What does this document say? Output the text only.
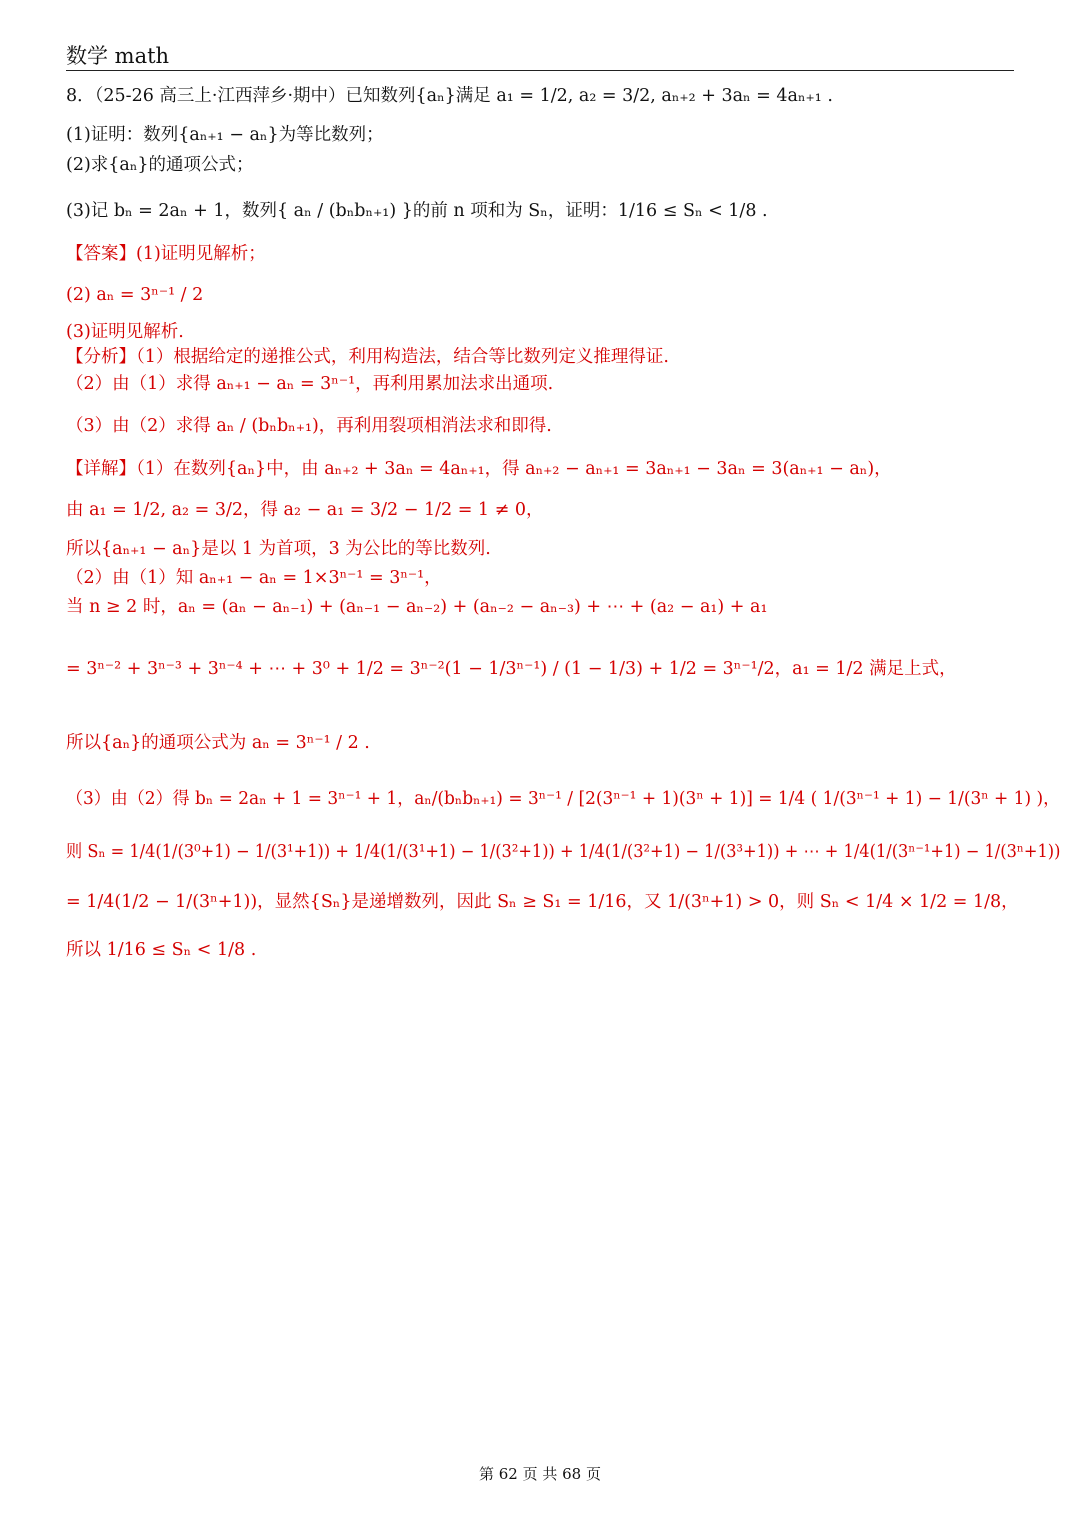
数学 math
8．（25-26 高三上·江西萍乡·期中）已知数列{aₙ}满足 a₁ = 1/2, a₂ = 3/2, aₙ₊₂ + 3aₙ = 4aₙ₊₁ .
(1)证明：数列{aₙ₊₁ − aₙ}为等比数列；
(2)求{aₙ}的通项公式；
(3)记 bₙ = 2aₙ + 1，数列{ aₙ / (bₙbₙ₊₁) }的前 n 项和为 Sₙ，证明：1/16 ≤ Sₙ < 1/8 .
【答案】(1)证明见解析；
(2) aₙ = 3ⁿ⁻¹ / 2
(3)证明见解析.
【分析】（1）根据给定的递推公式，利用构造法，结合等比数列定义推理得证.
（2）由（1）求得 aₙ₊₁ − aₙ = 3ⁿ⁻¹，再利用累加法求出通项.
（3）由（2）求得 aₙ / (bₙbₙ₊₁)，再利用裂项相消法求和即得.
【详解】（1）在数列{aₙ}中，由 aₙ₊₂ + 3aₙ = 4aₙ₊₁，得 aₙ₊₂ − aₙ₊₁ = 3aₙ₊₁ − 3aₙ = 3(aₙ₊₁ − aₙ)，
由 a₁ = 1/2, a₂ = 3/2，得 a₂ − a₁ = 3/2 − 1/2 = 1 ≠ 0，
所以{aₙ₊₁ − aₙ}是以 1 为首项，3 为公比的等比数列.
（2）由（1）知 aₙ₊₁ − aₙ = 1×3ⁿ⁻¹ = 3ⁿ⁻¹，
当 n ≥ 2 时，aₙ = (aₙ − aₙ₋₁) + (aₙ₋₁ − aₙ₋₂) + (aₙ₋₂ − aₙ₋₃) + ⋯ + (a₂ − a₁) + a₁
= 3ⁿ⁻² + 3ⁿ⁻³ + 3ⁿ⁻⁴ + ⋯ + 3⁰ + 1/2 = 3ⁿ⁻²(1 − 1/3ⁿ⁻¹) / (1 − 1/3) + 1/2 = 3ⁿ⁻¹/2，a₁ = 1/2 满足上式，
所以{aₙ}的通项公式为 aₙ = 3ⁿ⁻¹ / 2 .
（3）由（2）得 bₙ = 2aₙ + 1 = 3ⁿ⁻¹ + 1，aₙ/(bₙbₙ₊₁) = 3ⁿ⁻¹ / [2(3ⁿ⁻¹ + 1)(3ⁿ + 1)] = 1/4 ( 1/(3ⁿ⁻¹ + 1) − 1/(3ⁿ + 1) )，
则 Sₙ = 1/4(1/(3⁰+1) − 1/(3¹+1)) + 1/4(1/(3¹+1) − 1/(3²+1)) + 1/4(1/(3²+1) − 1/(3³+1)) + ⋯ + 1/4(1/(3ⁿ⁻¹+1) − 1/(3ⁿ+1))
= 1/4(1/2 − 1/(3ⁿ+1))，显然{Sₙ}是递增数列，因此 Sₙ ≥ S₁ = 1/16，又 1/(3ⁿ+1) > 0，则 Sₙ < 1/4 × 1/2 = 1/8，
所以 1/16 ≤ Sₙ < 1/8 .
第 62 页 共 68 页
